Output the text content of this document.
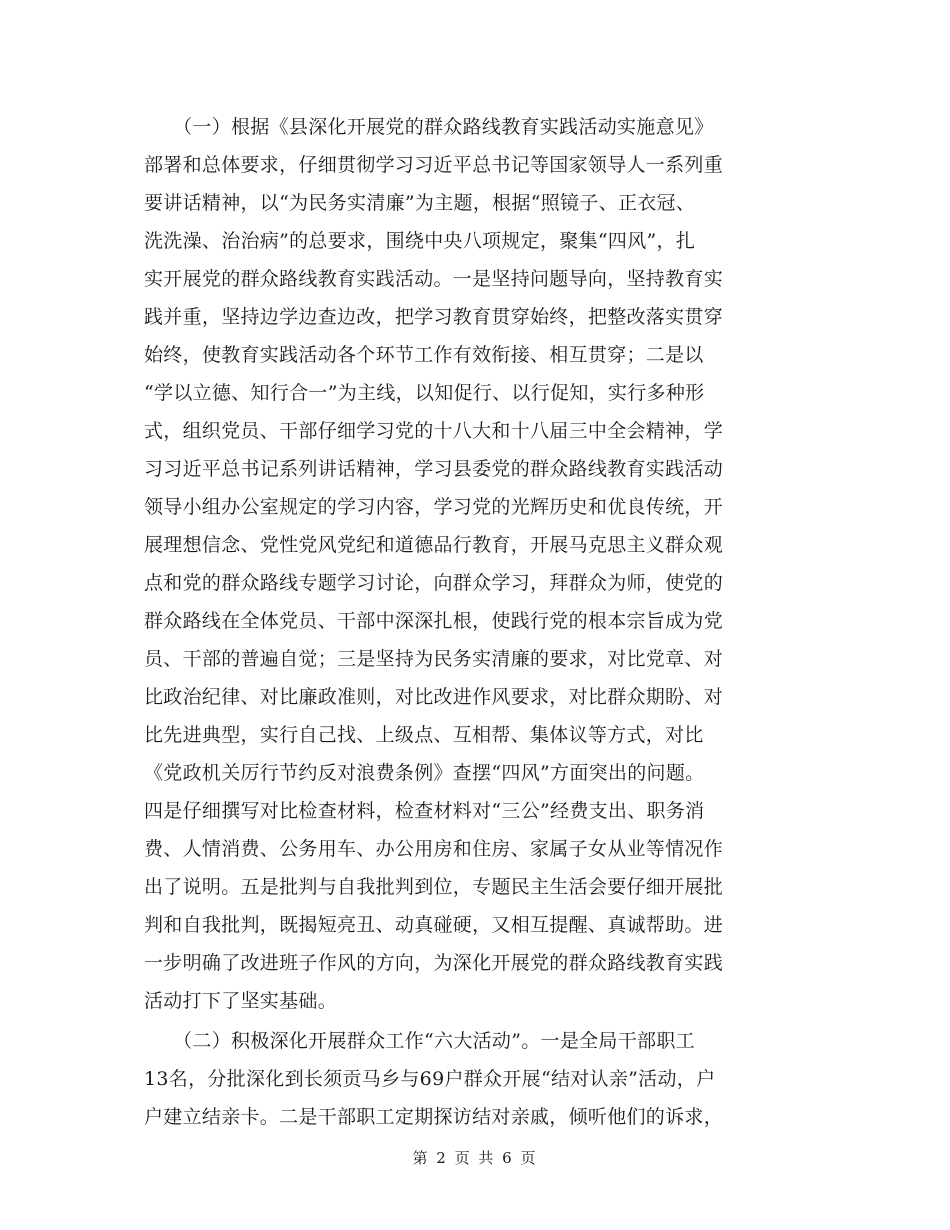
　　（一）根据《县深化开展党的群众路线教育实践活动实施意见》
部署和总体要求，仔细贯彻学习习近平总书记等国家领导人一系列重
要讲话精神，以“为民务实清廉”为主题，根据“照镜子、正衣冠、
洗洗澡、治治病”的总要求，围绕中央八项规定，聚集“四风”，扎
实开展党的群众路线教育实践活动。一是坚持问题导向，坚持教育实
践并重，坚持边学边查边改，把学习教育贯穿始终，把整改落实贯穿
始终，使教育实践活动各个环节工作有效衔接、相互贯穿；二是以
“学以立德、知行合一”为主线，以知促行、以行促知，实行多种形
式，组织党员、干部仔细学习党的十八大和十八届三中全会精神，学
习习近平总书记系列讲话精神，学习县委党的群众路线教育实践活动
领导小组办公室规定的学习内容，学习党的光辉历史和优良传统，开
展理想信念、党性党风党纪和道德品行教育，开展马克思主义群众观
点和党的群众路线专题学习讨论，向群众学习，拜群众为师，使党的
群众路线在全体党员、干部中深深扎根，使践行党的根本宗旨成为党
员、干部的普遍自觉；三是坚持为民务实清廉的要求，对比党章、对
比政治纪律、对比廉政准则，对比改进作风要求，对比群众期盼、对
比先进典型，实行自己找、上级点、互相帮、集体议等方式，对比
《党政机关厉行节约反对浪费条例》查摆“四风”方面突出的问题。
四是仔细撰写对比检查材料，检查材料对“三公”经费支出、职务消
费、人情消费、公务用车、办公用房和住房、家属子女从业等情况作
出了说明。五是批判与自我批判到位，专题民主生活会要仔细开展批
判和自我批判，既揭短亮丑、动真碰硬，又相互提醒、真诚帮助。进
一步明确了改进班子作风的方向，为深化开展党的群众路线教育实践
活动打下了坚实基础。
　　（二）积极深化开展群众工作“六大活动”。一是全局干部职工
13名，分批深化到长须贡马乡与69户群众开展“结对认亲”活动，户
户建立结亲卡。二是干部职工定期探访结对亲戚，倾听他们的诉求，
第 2 页 共 6 页
